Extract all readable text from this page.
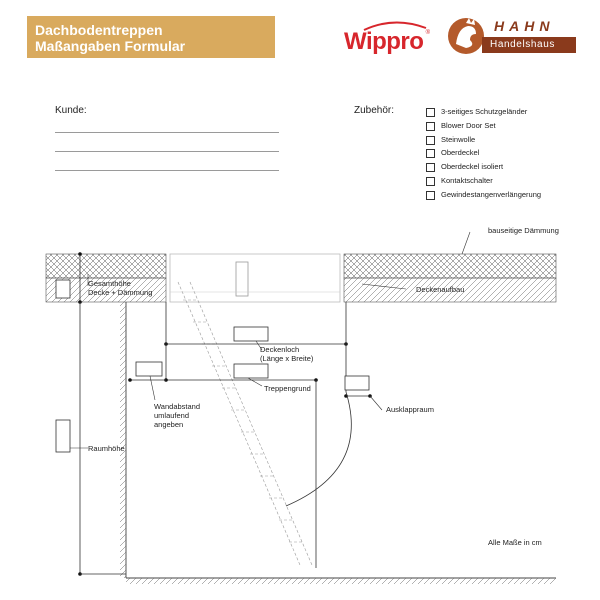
Dachbodentreppen
Maßangaben Formular	Wippro ®	HAHN
Handelshaus
Kunde:	Zubehör:	3-seitiges Schutzgeländer
Blower Door Set
Steinwolle
Oberdeckel
Oberdeckel isoliert
Kontaktschalter
Gewindestangenverlängerung
bauseitige Dämmung
Gesamthöhe
Decke + Dämmung	Deckenaufbau
Deckenloch
(Länge x Breite)
Treppengrund
Wandabstand
umlaufend
angeben
Raumhöhe
Ausklappraum
Alle Maße in cm
